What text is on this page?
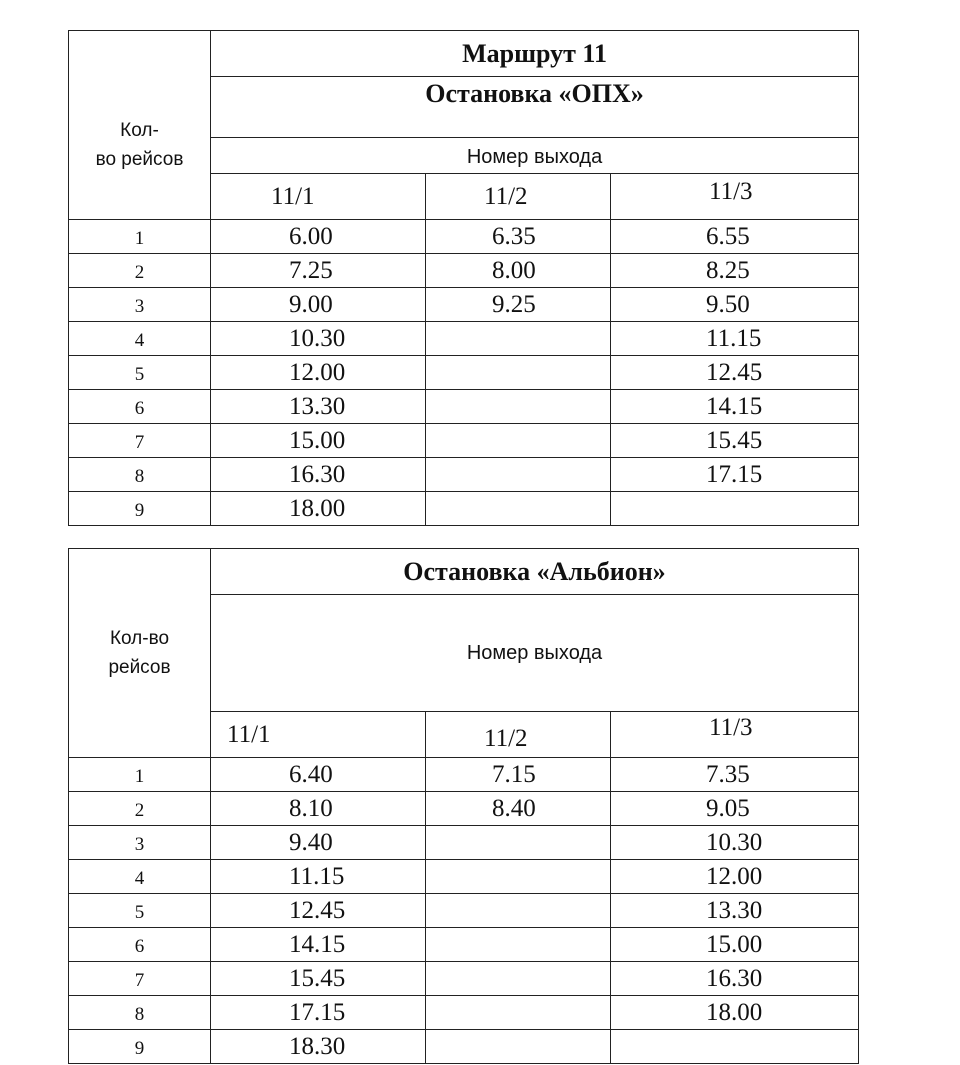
Кол-
во рейсов	Маршрут 11		
	Остановка «ОПХ»		
	Номер выхода		
	11/1	11/2	11/3
1	6.00	6.35	6.55
2	7.25	8.00	8.25
3	9.00	9.25	9.50
4	10.30		11.15
5	12.00		12.45
6	13.30		14.15
7	15.00		15.45
8	16.30		17.15
9	18.00		
Кол-во
рейсов	Остановка «Альбион»		
	Номер выхода		
	11/1	11/2	11/3
1	6.40	7.15	7.35
2	8.10	8.40	9.05
3	9.40		10.30
4	11.15		12.00
5	12.45		13.30
6	14.15		15.00
7	15.45		16.30
8	17.15		18.00
9	18.30		
